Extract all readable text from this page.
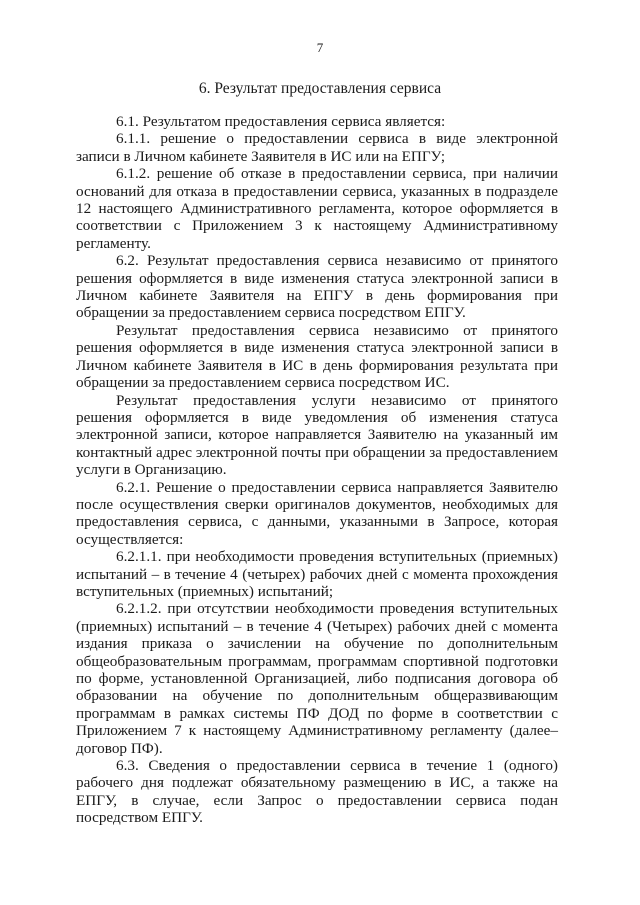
7
6. Результат предоставления сервиса

6.1. Результатом предоставления сервиса является:

6.1.1. решение о предоставлении сервиса в виде электронной записи в Личном кабинете Заявителя в ИС или на ЕПГУ;

6.1.2. решение об отказе в предоставлении сервиса, при наличии оснований для отказа в предоставлении сервиса, указанных в подразделе 12 настоящего Административного регламента, которое оформляется в соответствии с Приложением 3 к настоящему Административному регламенту.

6.2. Результат предоставления сервиса независимо от принятого решения оформляется в виде изменения статуса электронной записи в Личном кабинете Заявителя на ЕПГУ в день формирования при обращении за предоставлением сервиса посредством ЕПГУ.

Результат предоставления сервиса независимо от принятого решения оформляется в виде изменения статуса электронной записи в Личном кабинете Заявителя в ИС в день формирования результата при обращении за предоставлением сервиса посредством ИС.

Результат предоставления услуги независимо от принятого решения оформляется в виде уведомления об изменения статуса электронной записи, которое направляется Заявителю на указанный им контактный адрес электронной почты при обращении за предоставлением услуги в Организацию.

6.2.1. Решение о предоставлении сервиса направляется Заявителю после осуществления сверки оригиналов документов, необходимых для предоставления сервиса, с данными, указанными в Запросе, которая осуществляется:

6.2.1.1. при необходимости проведения вступительных (приемных) испытаний – в течение 4 (четырех) рабочих дней с момента прохождения вступительных (приемных) испытаний;

6.2.1.2. при отсутствии необходимости проведения вступительных (приемных) испытаний – в течение 4 (Четырех) рабочих дней с момента издания приказа о зачислении на обучение по дополнительным общеобразовательным программам, программам спортивной подготовки по форме, установленной Организацией, либо подписания договора об образовании на обучение по дополнительным общеразвивающим программам в рамках системы ПФ ДОД по форме в соответствии с Приложением 7 к настоящему Административному регламенту (далее– договор ПФ).

6.3. Сведения о предоставлении сервиса в течение 1 (одного) рабочего дня подлежат обязательному размещению в ИС, а также на ЕПГУ, в случае, если Запрос о предоставлении сервиса подан посредством ЕПГУ.
